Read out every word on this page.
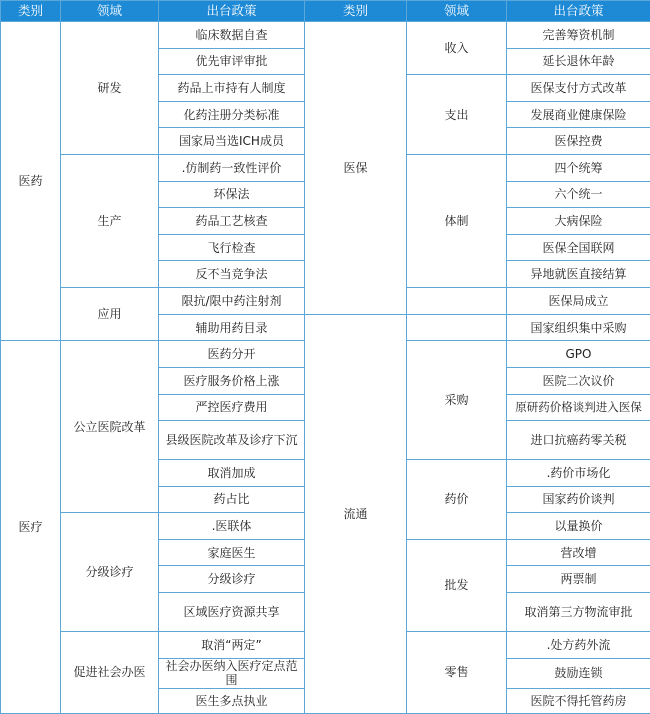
类别	领域	出台政策	类别	领域	出台政策
医药	研发	临床数据自查	医保	收入	完善筹资机制
		优先审评审批			延长退休年龄
		药品上市持有人制度		支出	医保支付方式改革
		化药注册分类标准			发展商业健康保险
		国家局当选ICH成员			医保控费
	生产	.仿制药一致性评价		体制	四个统筹
		环保法			六个统一
		药品工艺核查			大病保险
		飞行检查			医保全国联网
		反不当竞争法			异地就医直接结算
	应用	限抗/限中药注射剂			医保局成立
		辅助用药目录	流通		国家组织集中采购
医疗	公立医院改革	医药分开		采购	GPO
		医疗服务价格上涨			医院二次议价
		严控医疗费用			原研药价格谈判进入医保
		县级医院改革及诊疗下沉			进口抗癌药零关税
		取消加成		药价	.药价市场化
		药占比			国家药价谈判
	分级诊疗	.医联体			以量换价
		家庭医生		批发	营改增
		分级诊疗			两票制
		区域医疗资源共享			取消第三方物流审批
	促进社会办医	取消“两定”		零售	.处方药外流
		社会办医纳入医疗定点范围			鼓励连锁
		医生多点执业			医院不得托管药房
